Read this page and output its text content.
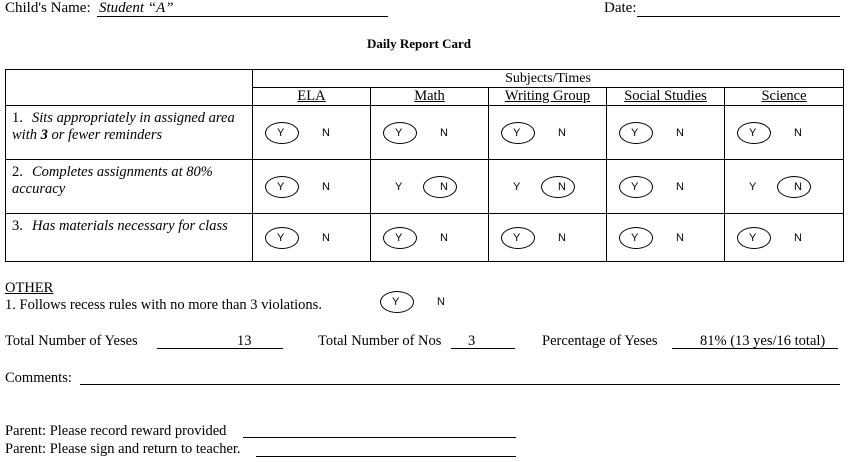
Child's Name: Student “A”	Date:
Daily Report Card
	Subjects/Times				
	ELA	Math	Writing Group	Social Studies	Science
1. Sits appropriately in assigned area with 3 or fewer reminders	Y N	Y N	Y N	Y N	Y N

2. Completes assignments at 80% accuracy	Y N	Y N	Y N	Y N	Y N

3. Has materials necessary for class	Y N	Y N	Y N	Y N	Y N
OTHER
1. Follows recess rules with no more than 3 violations.	Y	N
Total Number of Yeses	13	Total Number of Nos 3	Percentage of Yeses	81% (13 yes/16 total)
Comments:
Parent: Please record reward provided
Parent: Please sign and return to teacher.
